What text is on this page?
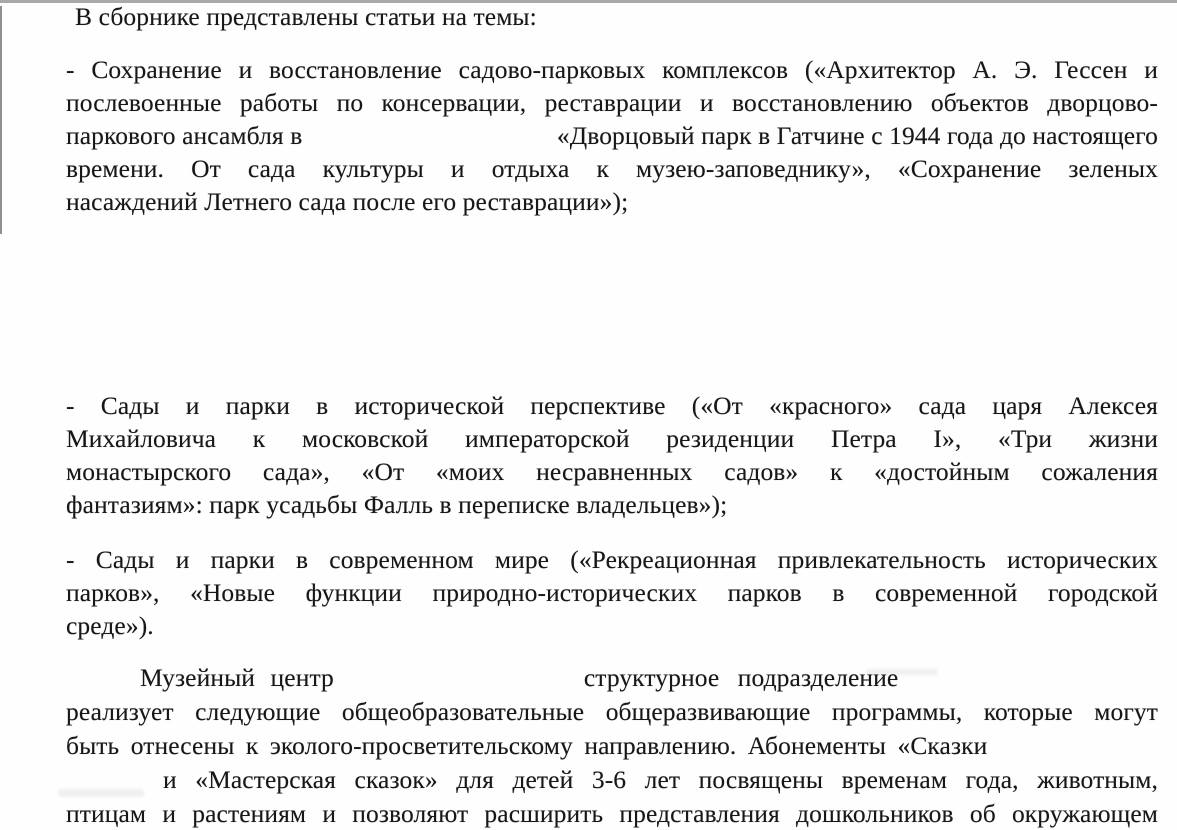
В сборнике представлены статьи на темы:
- Сохранение и восстановление садово-парковых комплексов («Архитектор А. Э. Гессен и
послевоенные работы по консервации, реставрации и восстановлению объектов дворцово-
паркового ансамбля в	«Дворцовый парк в Гатчине с 1944 года до настоящего
времени. От сада культуры и отдыха к музею-заповеднику», «Сохранение зеленых
насаждений Летнего сада после его реставрации»);
- Сады и парки в исторической перспективе («От «красного» сада царя Алексея
Михайловича к московской императорской резиденции Петра I», «Три жизни
монастырского сада», «От «моих несравненных садов» к «достойным сожаления
фантазиям»: парк усадьбы Фалль в переписке владельцев»);
- Сады и парки в современном мире («Рекреационная привлекательность исторических
парков», «Новые функции природно-исторических парков в современной городской
среде»).
Музейный центр	структурное подразделение
реализует следующие общеобразовательные общеразвивающие программы, которые могут
быть отнесены к эколого-просветительскому направлению. Абонементы «Сказки
и «Мастерская сказок» для детей 3-6 лет посвящены временам года, животным,
птицам и растениям и позволяют расширить представления дошкольников об окружающем
